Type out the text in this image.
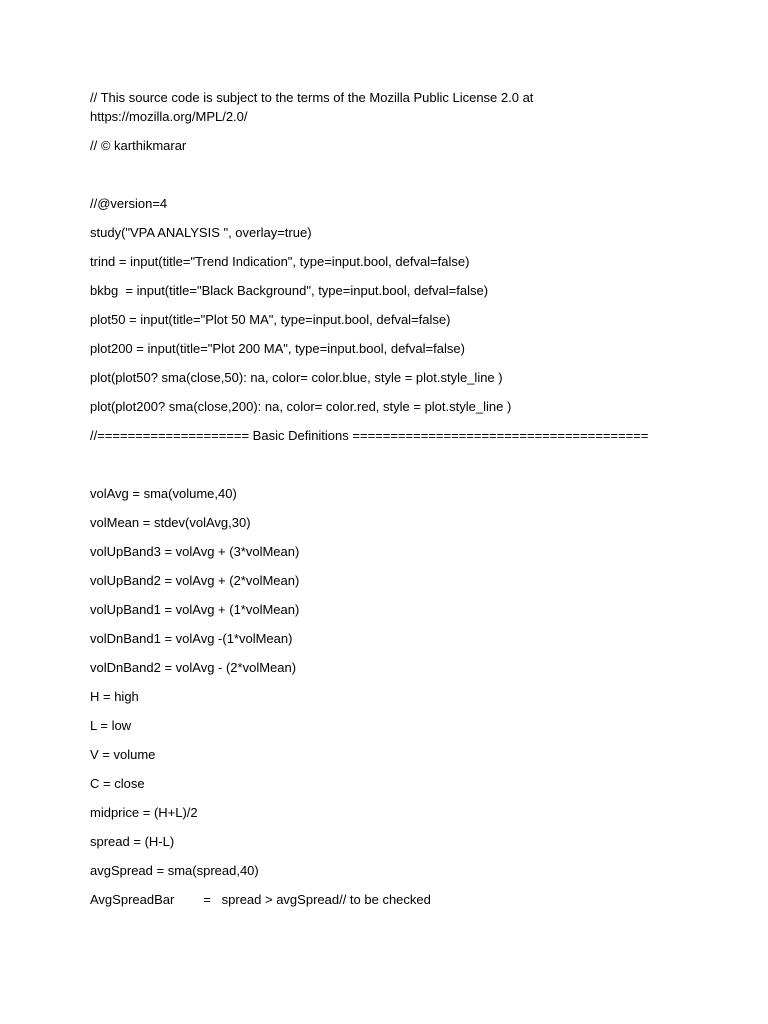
// This source code is subject to the terms of the Mozilla Public License 2.0 at

https://mozilla.org/MPL/2.0/

// © karthikmarar

//@version=4

study("VPA ANALYSIS ", overlay=true)

trind = input(title="Trend Indication", type=input.bool, defval=false)

bkbg  = input(title="Black Background", type=input.bool, defval=false)

plot50 = input(title="Plot 50 MA", type=input.bool, defval=false)

plot200 = input(title="Plot 200 MA", type=input.bool, defval=false)

plot(plot50? sma(close,50): na, color= color.blue, style = plot.style_line )

plot(plot200? sma(close,200): na, color= color.red, style = plot.style_line )

//==================== Basic Definitions =======================================

volAvg = sma(volume,40)

volMean = stdev(volAvg,30)

volUpBand3 = volAvg + (3*volMean)

volUpBand2 = volAvg + (2*volMean)

volUpBand1 = volAvg + (1*volMean)

volDnBand1 = volAvg -(1*volMean)

volDnBand2 = volAvg - (2*volMean)

H = high

L = low

V = volume

C = close

midprice = (H+L)/2

spread = (H-L)

avgSpread = sma(spread,40)

AvgSpreadBar        =   spread > avgSpread// to be checked
